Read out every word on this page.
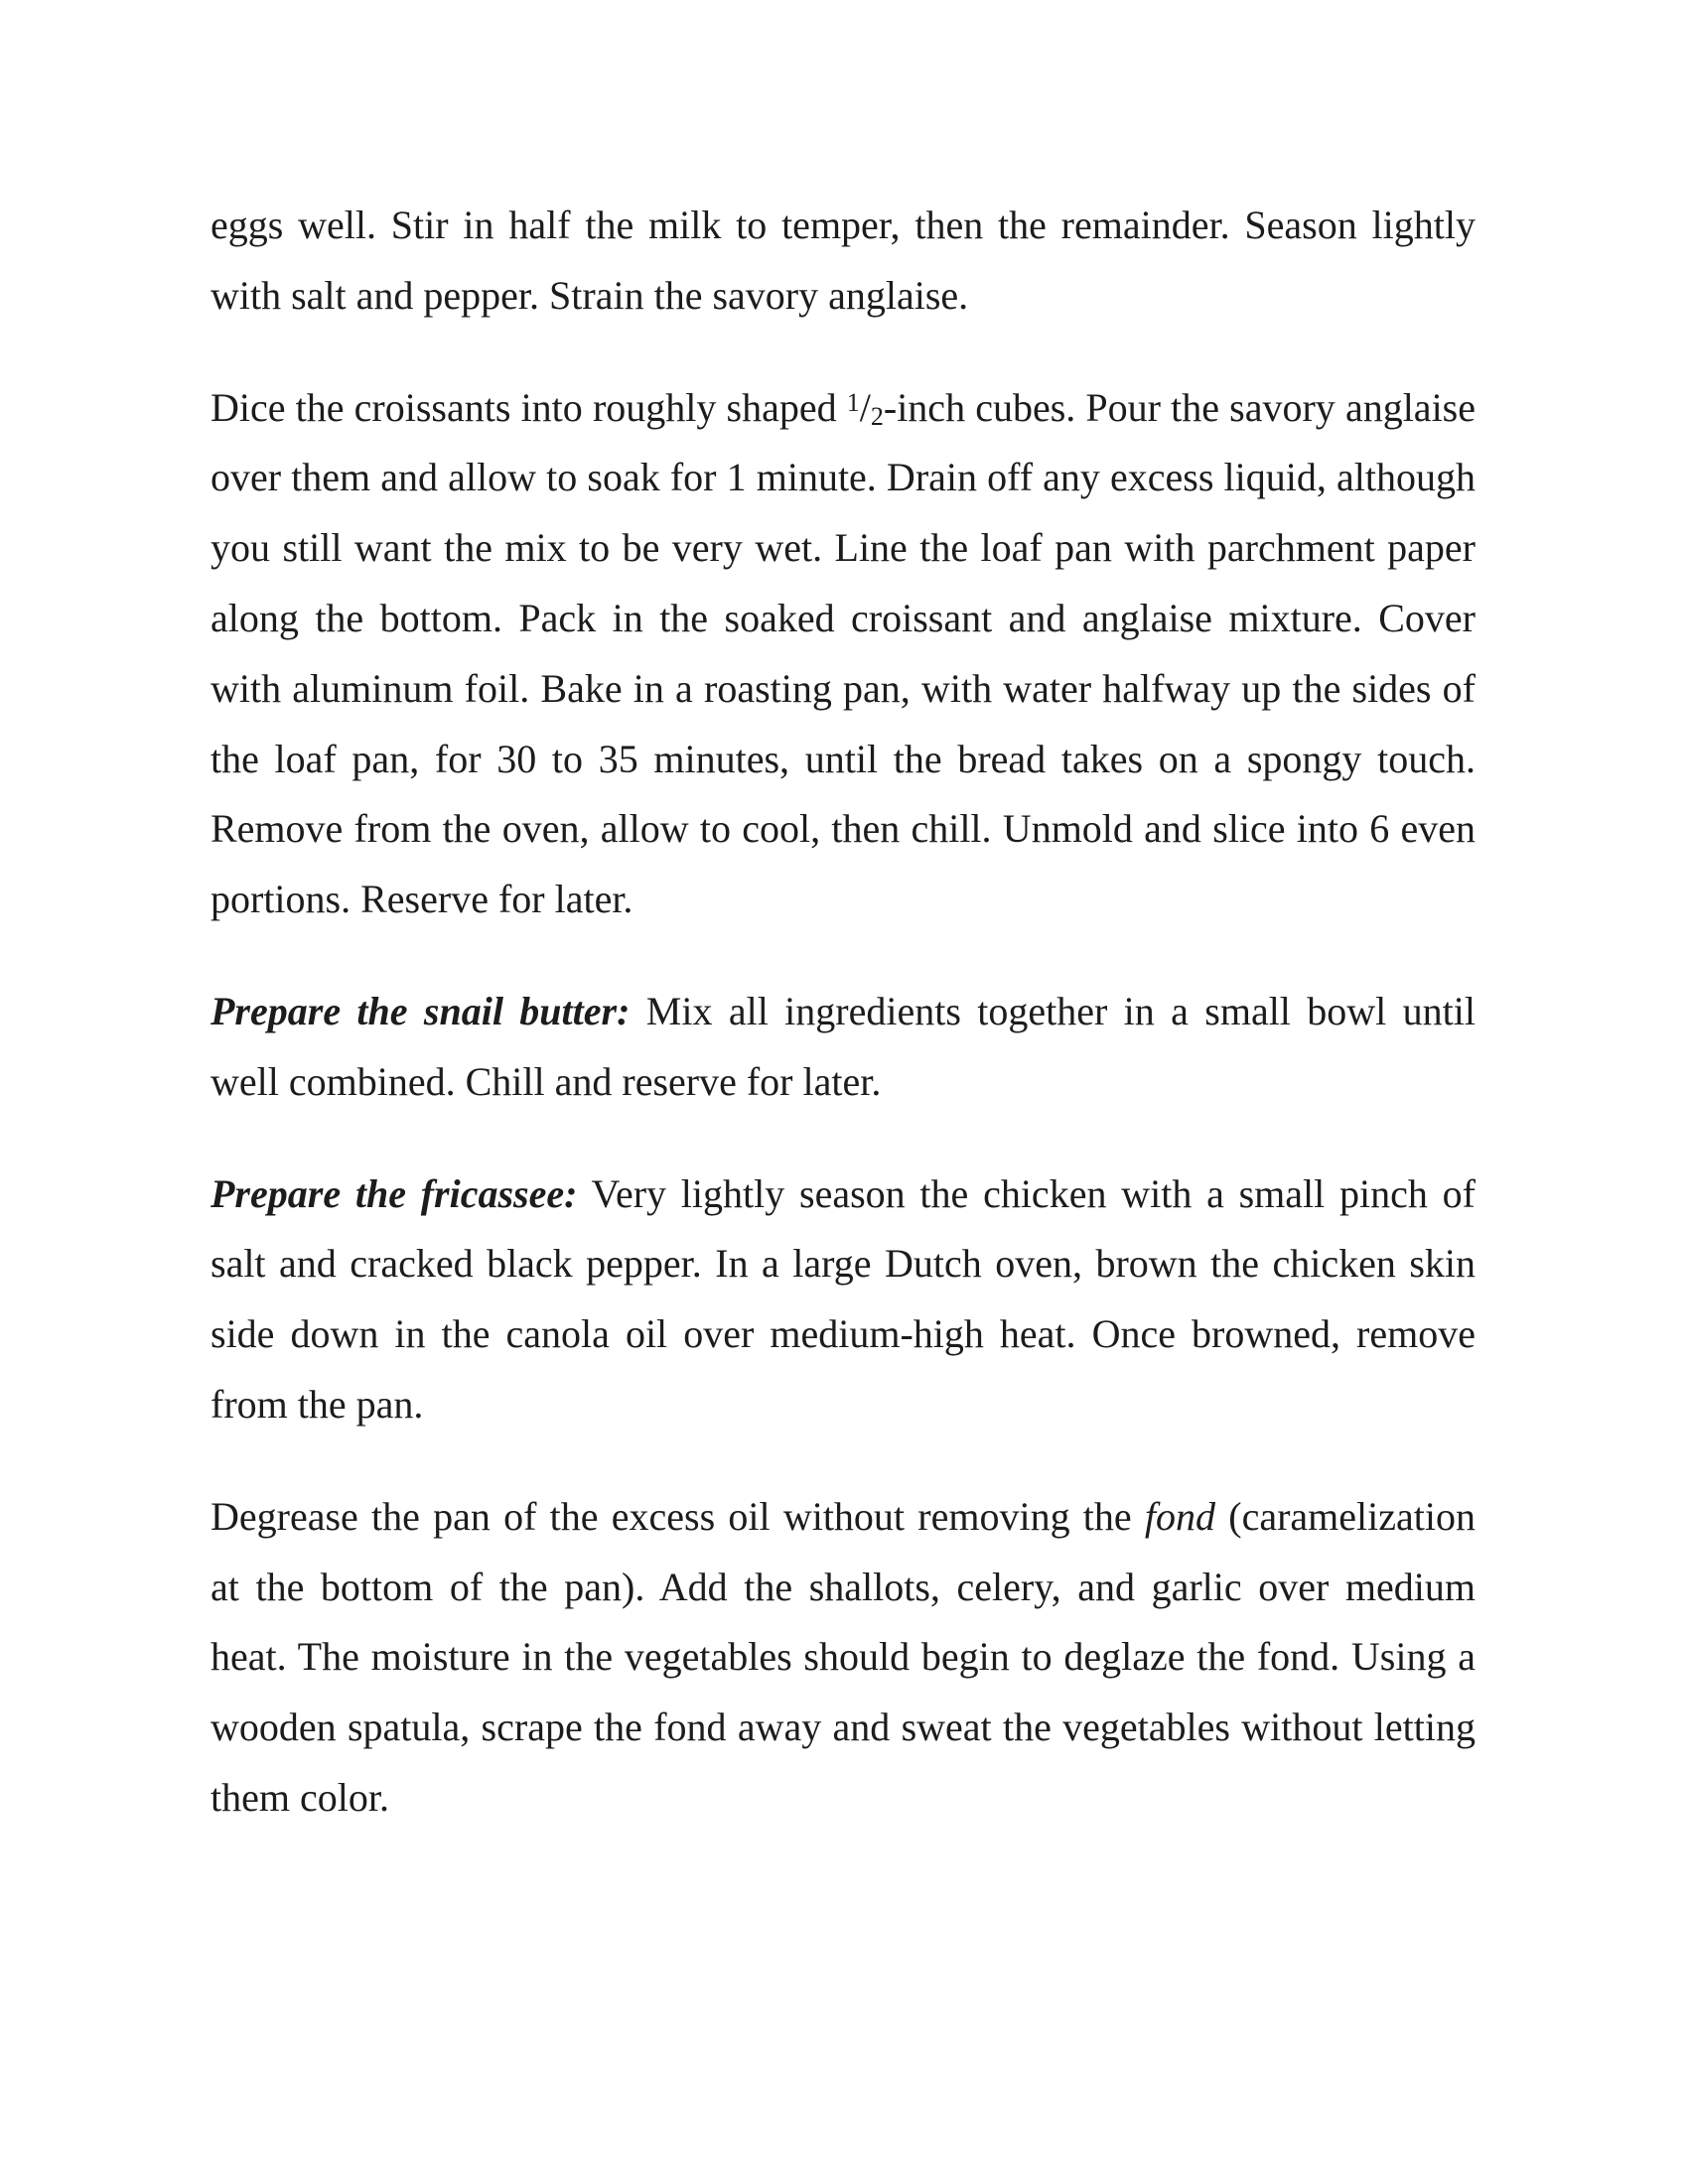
eggs well. Stir in half the milk to temper, then the remainder. Season lightly with salt and pepper. Strain the savory anglaise.

Dice the croissants into roughly shaped $^1$/2-inch cubes. Pour the savory anglaise over them and allow to soak for 1 minute. Drain off any excess liquid, although you still want the mix to be very wet. Line the loaf pan with parchment paper along the bottom. Pack in the soaked croissant and anglaise mixture. Cover with aluminum foil. Bake in a roasting pan, with water halfway up the sides of the loaf pan, for 30 to 35 minutes, until the bread takes on a spongy touch. Remove from the oven, allow to cool, then chill. Unmold and slice into 6 even portions. Reserve for later.

Prepare the snail butter: Mix all ingredients together in a small bowl until well combined. Chill and reserve for later.

Prepare the fricassee: Very lightly season the chicken with a small pinch of salt and cracked black pepper. In a large Dutch oven, brown the chicken skin side down in the canola oil over medium-high heat. Once browned, remove from the pan.

Degrease the pan of the excess oil without removing the fond (caramelization at the bottom of the pan). Add the shallots, celery, and garlic over medium heat. The moisture in the vegetables should begin to deglaze the fond. Using a wooden spatula, scrape the fond away and sweat the vegetables without letting them color.
